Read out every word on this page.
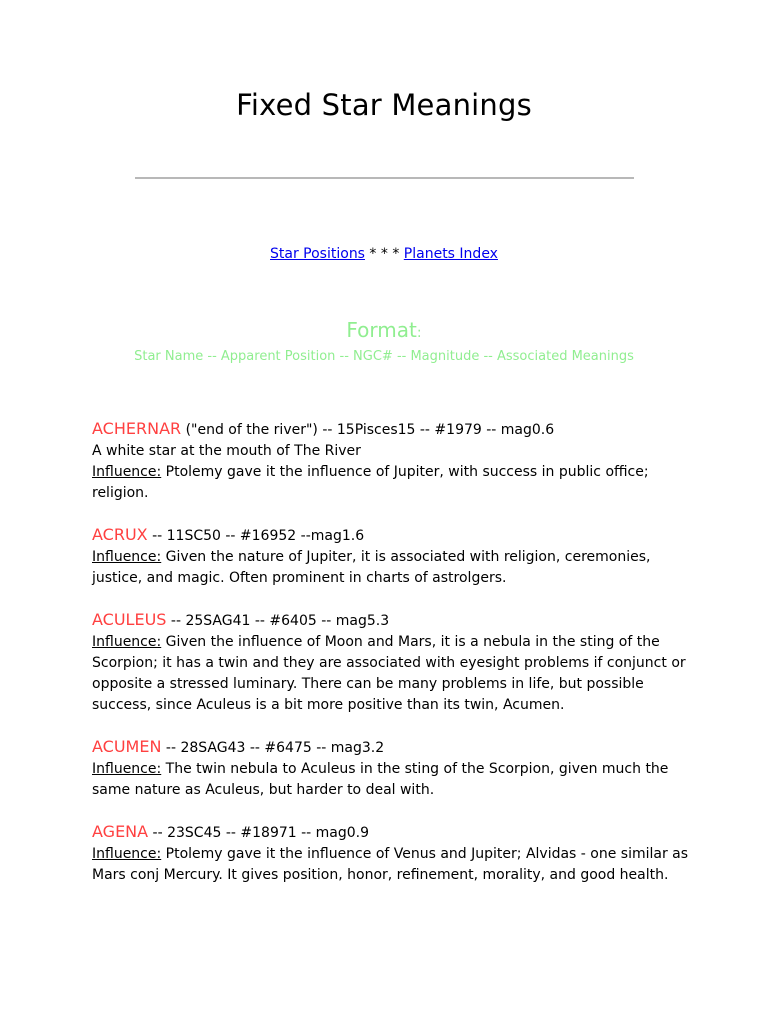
Fixed Star Meanings
Star Positions * * * Planets Index
Format:
Star Name -- Apparent Position -- NGC# -- Magnitude -- Associated Meanings
ACHERNAR ("end of the river") -- 15Pisces15 -- #1979 -- mag0.6
A white star at the mouth of The River
Influence: Ptolemy gave it the influence of Jupiter, with success in public office; religion.
ACRUX -- 11SC50 -- #16952 --mag1.6
Influence: Given the nature of Jupiter, it is associated with religion, ceremonies, justice, and magic. Often prominent in charts of astrolgers.
ACULEUS -- 25SAG41 -- #6405 -- mag5.3
Influence: Given the influence of Moon and Mars, it is a nebula in the sting of the Scorpion; it has a twin and they are associated with eyesight problems if conjunct or opposite a stressed luminary. There can be many problems in life, but possible success, since Aculeus is a bit more positive than its twin, Acumen.
ACUMEN -- 28SAG43 -- #6475 -- mag3.2
Influence: The twin nebula to Aculeus in the sting of the Scorpion, given much the same nature as Aculeus, but harder to deal with.
AGENA -- 23SC45 -- #18971 -- mag0.9
Influence: Ptolemy gave it the influence of Venus and Jupiter; Alvidas - one similar as Mars conj Mercury. It gives position, honor, refinement, morality, and good health.
